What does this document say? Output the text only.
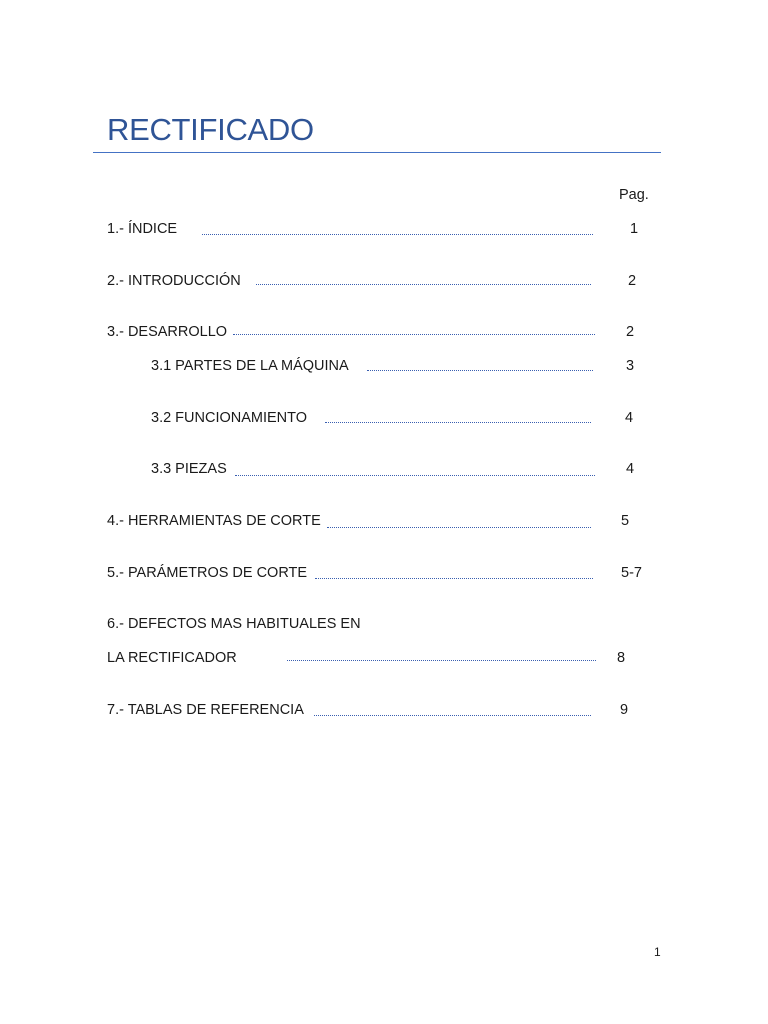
RECTIFICADO
Pag.
1.- ÍNDICE	1
2.- INTRODUCCIÓN	2
3.- DESARROLLO	2
3.1 PARTES DE LA MÁQUINA	3
3.2 FUNCIONAMIENTO	4
3.3 PIEZAS	4
4.- HERRAMIENTAS DE CORTE	5
5.- PARÁMETROS DE CORTE	5-7
6.- DEFECTOS MAS HABITUALES EN
LA RECTIFICADOR	8
7.- TABLAS DE REFERENCIA	9
1
